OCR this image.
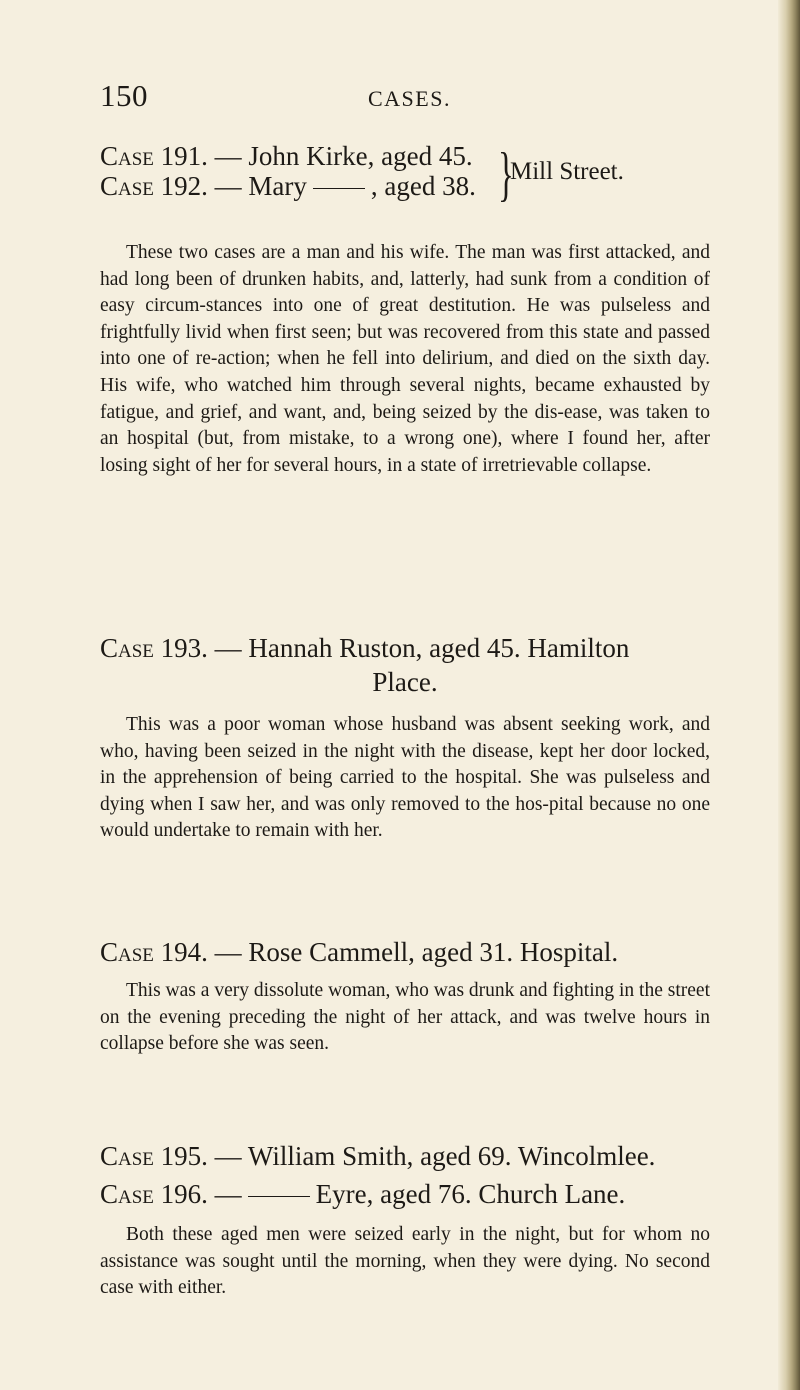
150	CASES.
Case 191. — John Kirke, aged 45.
Case 192. — Mary , aged 38. }
Mill Street.

These two cases are a man and his wife. The man was first attacked, and had long been of drunken habits, and, latterly, had sunk from a condition of easy circum-stances into one of great destitution. He was pulseless and frightfully livid when first seen; but was recovered from this state and passed into one of re-action; when he fell into delirium, and died on the sixth day. His wife, who watched him through several nights, became exhausted by fatigue, and grief, and want, and, being seized by the dis-ease, was taken to an hospital (but, from mistake, to a wrong one), where I found her, after losing sight of her for several hours, in a state of irretrievable collapse.

Case 193. — Hannah Ruston, aged 45. Hamilton
Place.

This was a poor woman whose husband was absent seeking work, and who, having been seized in the night with the disease, kept her door locked, in the apprehension of being carried to the hospital. She was pulseless and dying when I saw her, and was only removed to the hos-pital because no one would undertake to remain with her.

Case 194. — Rose Cammell, aged 31. Hospital.

This was a very dissolute woman, who was drunk and fighting in the street on the evening preceding the night of her attack, and was twelve hours in collapse before she was seen.

Case 195. — William Smith, aged 69. Wincolmlee.
Case 196. —	Eyre, aged 76. Church Lane.

Both these aged men were seized early in the night, but for whom no assistance was sought until the morning, when they were dying. No second case with either.
